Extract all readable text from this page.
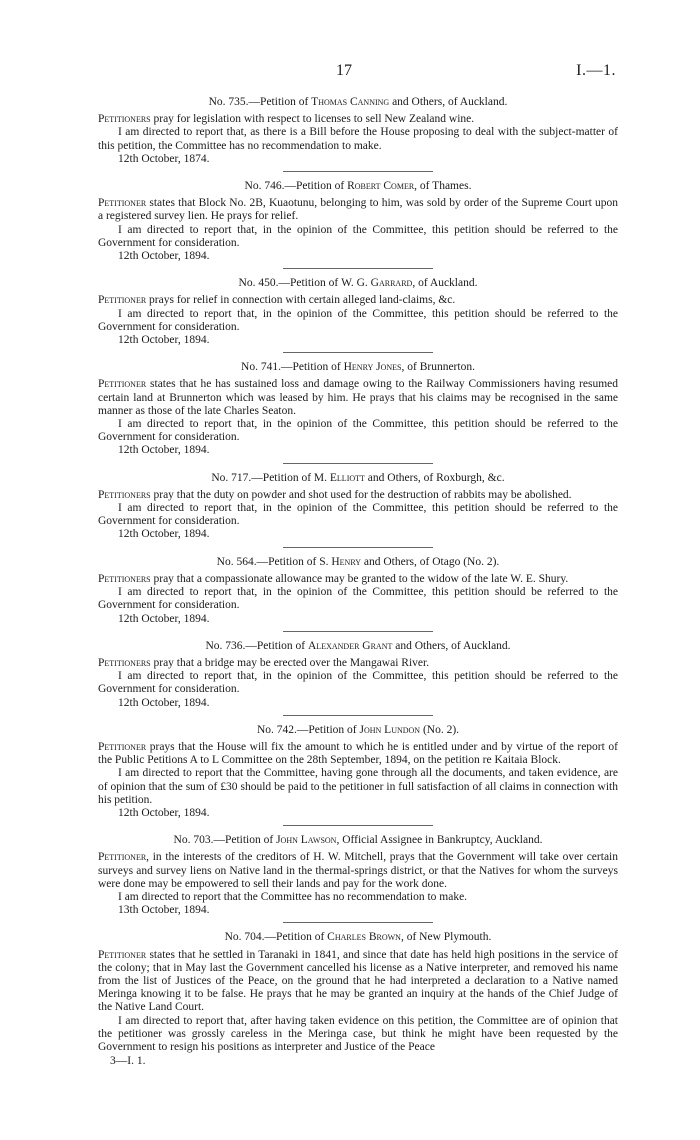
17	I.—1.

No. 735.—Petition of Thomas Canning and Others, of Auckland.

Petitioners pray for legislation with respect to licenses to sell New Zealand wine.

I am directed to report that, as there is a Bill before the House proposing to deal with the subject-matter of this petition, the Committee has no recommendation to make.

12th October, 1874.

No. 746.—Petition of Robert Comer, of Thames.

Petitioner states that Block No. 2B, Kuaotunu, belonging to him, was sold by order of the Supreme Court upon a registered survey lien. He prays for relief.

I am directed to report that, in the opinion of the Committee, this petition should be referred to the Government for consideration.

12th October, 1894.

No. 450.—Petition of W. G. Garrard, of Auckland.

Petitioner prays for relief in connection with certain alleged land-claims, &c.

I am directed to report that, in the opinion of the Committee, this petition should be referred to the Government for consideration.

12th October, 1894.

No. 741.—Petition of Henry Jones, of Brunnerton.

Petitioner states that he has sustained loss and damage owing to the Railway Commissioners having resumed certain land at Brunnerton which was leased by him. He prays that his claims may be recognised in the same manner as those of the late Charles Seaton.

I am directed to report that, in the opinion of the Committee, this petition should be referred to the Government for consideration.

12th October, 1894.

No. 717.—Petition of M. Elliott and Others, of Roxburgh, &c.

Petitioners pray that the duty on powder and shot used for the destruction of rabbits may be abolished.

I am directed to report that, in the opinion of the Committee, this petition should be referred to the Government for consideration.

12th October, 1894.

No. 564.—Petition of S. Henry and Others, of Otago (No. 2).

Petitioners pray that a compassionate allowance may be granted to the widow of the late W. E. Shury.

I am directed to report that, in the opinion of the Committee, this petition should be referred to the Government for consideration.

12th October, 1894.

No. 736.—Petition of Alexander Grant and Others, of Auckland.

Petitioners pray that a bridge may be erected over the Mangawai River.

I am directed to report that, in the opinion of the Committee, this petition should be referred to the Government for consideration.

12th October, 1894.

No. 742.—Petition of John Lundon (No. 2).

Petitioner prays that the House will fix the amount to which he is entitled under and by virtue of the report of the Public Petitions A to L Committee on the 28th September, 1894, on the petition re Kaitaia Block.

I am directed to report that the Committee, having gone through all the documents, and taken evidence, are of opinion that the sum of £30 should be paid to the petitioner in full satisfaction of all claims in connection with his petition.

12th October, 1894.

No. 703.—Petition of John Lawson, Official Assignee in Bankruptcy, Auckland.

Petitioner, in the interests of the creditors of H. W. Mitchell, prays that the Government will take over certain surveys and survey liens on Native land in the thermal-springs district, or that the Natives for whom the surveys were done may be empowered to sell their lands and pay for the work done.

I am directed to report that the Committee has no recommendation to make.

13th October, 1894.

No. 704.—Petition of Charles Brown, of New Plymouth.

Petitioner states that he settled in Taranaki in 1841, and since that date has held high positions in the service of the colony; that in May last the Government cancelled his license as a Native interpreter, and removed his name from the list of Justices of the Peace, on the ground that he had interpreted a declaration to a Native named Meringa knowing it to be false. He prays that he may be granted an inquiry at the hands of the Chief Judge of the Native Land Court.

I am directed to report that, after having taken evidence on this petition, the Committee are of opinion that the petitioner was grossly careless in the Meringa case, but think he might have been requested by the Government to resign his positions as interpreter and Justice of the Peace

3—I. 1.
